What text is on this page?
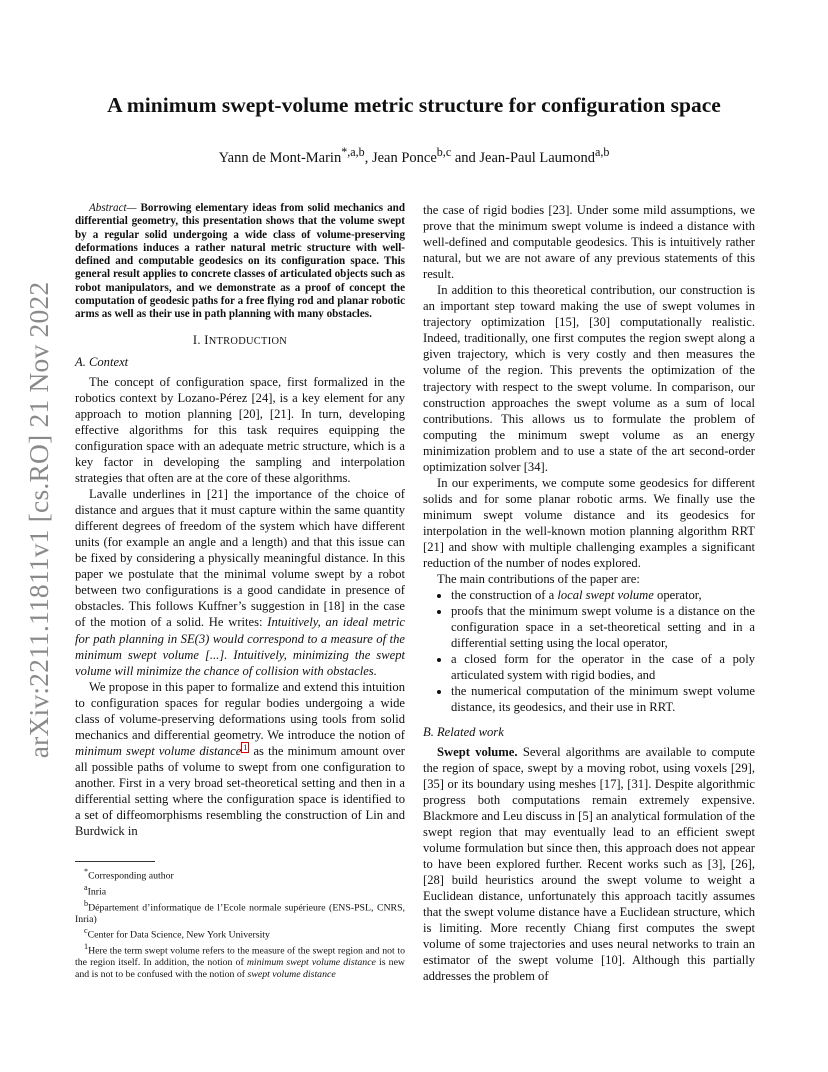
arXiv:2211.11811v1 [cs.RO] 21 Nov 2022
A minimum swept-volume metric structure for configuration space
Yann de Mont-Marin$^{*,a,b}$, Jean Ponce$^{b,c}$ and Jean-Paul Laumond$^{a,b}$

Abstract— Borrowing elementary ideas from solid mechanics and differential geometry, this presentation shows that the volume swept by a regular solid undergoing a wide class of volume-preserving deformations induces a rather natural metric structure with well-defined and computable geodesics on its configuration space. This general result applies to concrete classes of articulated objects such as robot manipulators, and we demonstrate as a proof of concept the computation of geodesic paths for a free flying rod and planar robotic arms as well as their use in path planning with many obstacles.

I. INTRODUCTION
A. Context

The concept of configuration space, first formalized in the robotics context by Lozano-Pérez [24], is a key element for any approach to motion planning [20], [21]. In turn, developing effective algorithms for this task requires equipping the configuration space with an adequate metric structure, which is a key factor in developing the sampling and interpolation strategies that often are at the core of these algorithms.

Lavalle underlines in [21] the importance of the choice of distance and argues that it must capture within the same quantity different degrees of freedom of the system which have different units (for example an angle and a length) and that this issue can be fixed by considering a physically meaningful distance. In this paper we postulate that the minimal volume swept by a robot between two configurations is a good candidate in presence of obstacles. This follows Kuffner’s suggestion in [18] in the case of the motion of a solid. He writes: Intuitively, an ideal metric for path planning in SE(3) would correspond to a measure of the minimum swept volume [...]. Intuitively, minimizing the swept volume will minimize the chance of collision with obstacles.

We propose in this paper to formalize and extend this intuition to configuration spaces for regular bodies undergoing a wide class of volume-preserving deformations using tools from solid mechanics and differential geometry. We introduce the notion of minimum swept volume distance $^1$ as the minimum amount over all possible paths of volume to swept from one configuration to another. First in a very broad set-theoretical setting and then in a differential setting where the configuration space is identified to a set of diffeomorphisms resembling the construction of Lin and Burdwick in

*Corresponding author

$^a$Inria

$^b$Département d’informatique de l’Ecole normale supérieure (ENS-PSL, CNRS, Inria)

$^c$Center for Data Science, New York University

$^1$Here the term swept volume refers to the measure of the swept region and not to the region itself. In addition, the notion of minimum swept volume distance is new and is not to be confused with the notion of swept volume distance

the case of rigid bodies [23]. Under some mild assumptions, we prove that the minimum swept volume is indeed a distance with well-defined and computable geodesics. This is intuitively rather natural, but we are not aware of any previous statements of this result.

In addition to this theoretical contribution, our construction is an important step toward making the use of swept volumes in trajectory optimization [15], [30] computationally realistic. Indeed, traditionally, one first computes the region swept along a given trajectory, which is very costly and then measures the volume of the region. This prevents the optimization of the trajectory with respect to the swept volume. In comparison, our construction approaches the swept volume as a sum of local contributions. This allows us to formulate the problem of computing the minimum swept volume as an energy minimization problem and to use a state of the art second-order optimization solver [34].

In our experiments, we compute some geodesics for different solids and for some planar robotic arms. We finally use the minimum swept volume distance and its geodesics for interpolation in the well-known motion planning algorithm RRT [21] and show with multiple challenging examples a significant reduction of the number of nodes explored.

The main contributions of the paper are:

• the construction of a local swept volume operator,
• proofs that the minimum swept volume is a distance on the configuration space in a set-theoretical setting and in a differential setting using the local operator,
• a closed form for the operator in the case of a poly articulated system with rigid bodies, and
• the numerical computation of the minimum swept volume distance, its geodesics, and their use in RRT.
B. Related work

Swept volume. Several algorithms are available to compute the region of space, swept by a moving robot, using voxels [29], [35] or its boundary using meshes [17], [31]. Despite algorithmic progress both computations remain extremely expensive. Blackmore and Leu discuss in [5] an analytical formulation of the swept region that may eventually lead to an efficient swept volume formulation but since then, this approach does not appear to have been explored further. Recent works such as [3], [26], [28] build heuristics around the swept volume to weight a Euclidean distance, unfortunately this approach tacitly assumes that the swept volume distance have a Euclidean structure, which is limiting. More recently Chiang first computes the swept volume of some trajectories and uses neural networks to train an estimator of the swept volume [10]. Although this partially addresses the problem of
